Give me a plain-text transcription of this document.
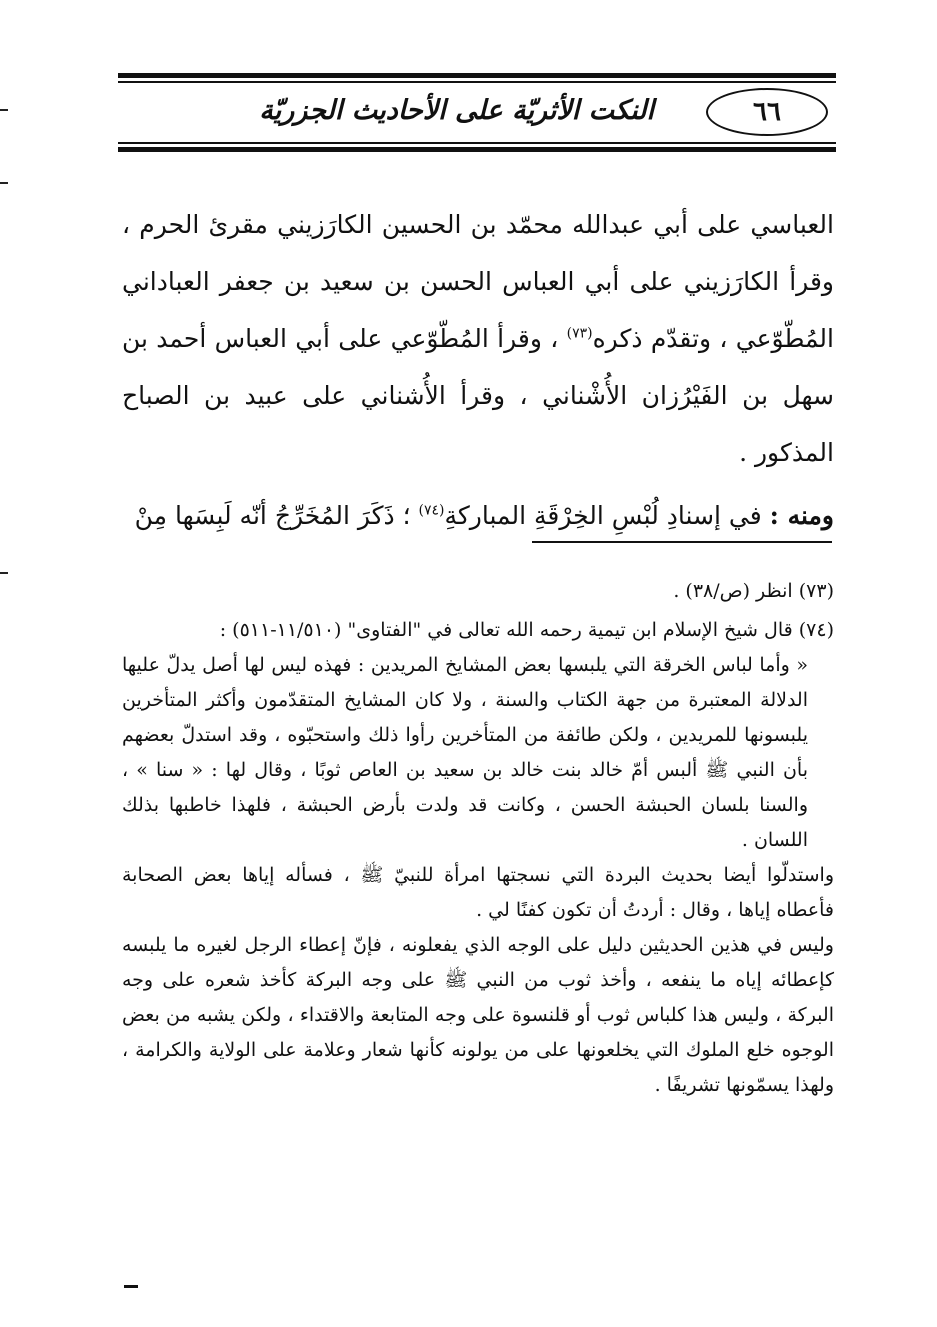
٦٦
النكت الأثريّة على الأحاديث الجزريّة

العباسي على أبي عبدالله محمّد بن الحسين الكارَزيني مقرئ الحرم ، وقرأ الكارَزيني على أبي العباس الحسن بن سعيد بن جعفر العباداني المُطّوّعي ، وتقدّم ذكره$^{(٧٣)}$ ، وقرأ المُطّوّعي على أبي العباس أحمد بن سهل بن الفَيْرُزان الأُشْناني ، وقرأ الأُشناني على عبيد بن الصباح المذكور .

ومنه : في إسنادِ لُبْسِ الخِرْقَةِ المباركةِ$^{(٧٤)}$ ؛ ذَكَرَ المُخَرِّجُ أنّه لَبِسَها مِنْ

(٧٣) انظر (ص/٣٨) .

(٧٤) قال شيخ الإسلام ابن تيمية رحمه الله تعالى في "الفتاوى" (١١/٥١٠-٥١١) :

« وأما لباس الخرقة التي يلبسها بعض المشايخ المريدين : فهذه ليس لها أصل يدلّ عليها الدلالة المعتبرة من جهة الكتاب والسنة ، ولا كان المشايخ المتقدّمون وأكثر المتأخرين يلبسونها للمريدين ، ولكن طائفة من المتأخرين رأوا ذلك واستحبّوه ، وقد استدلّ بعضهم بأن النبي ﷺ ألبس أمّ خالد بنت خالد بن سعيد بن العاص ثوبًا ، وقال لها : « سنا » ، والسنا بلسان الحبشة الحسن ، وكانت قد ولدت بأرض الحبشة ، فلهذا خاطبها بذلك اللسان .

واستدلّوا أيضا بحديث البردة التي نسجتها امرأة للنبيّ ﷺ ، فسأله إياها بعض الصحابة فأعطاه إياها ، وقال : أردتُ أن تكون كفنًا لي .

وليس في هذين الحديثين دليل على الوجه الذي يفعلونه ، فإنّ إعطاء الرجل لغيره ما يلبسه كإعطائه إياه ما ينفعه ، وأخذ ثوب من النبي ﷺ على وجه البركة كأخذ شعره على وجه البركة ، وليس هذا كلباس ثوب أو قلنسوة على وجه المتابعة والاقتداء ، ولكن يشبه من بعض الوجوه خلع الملوك التي يخلعونها على من يولونه كأنها شعار وعلامة على الولاية والكرامة ، ولهذا يسمّونها تشريفًا .
